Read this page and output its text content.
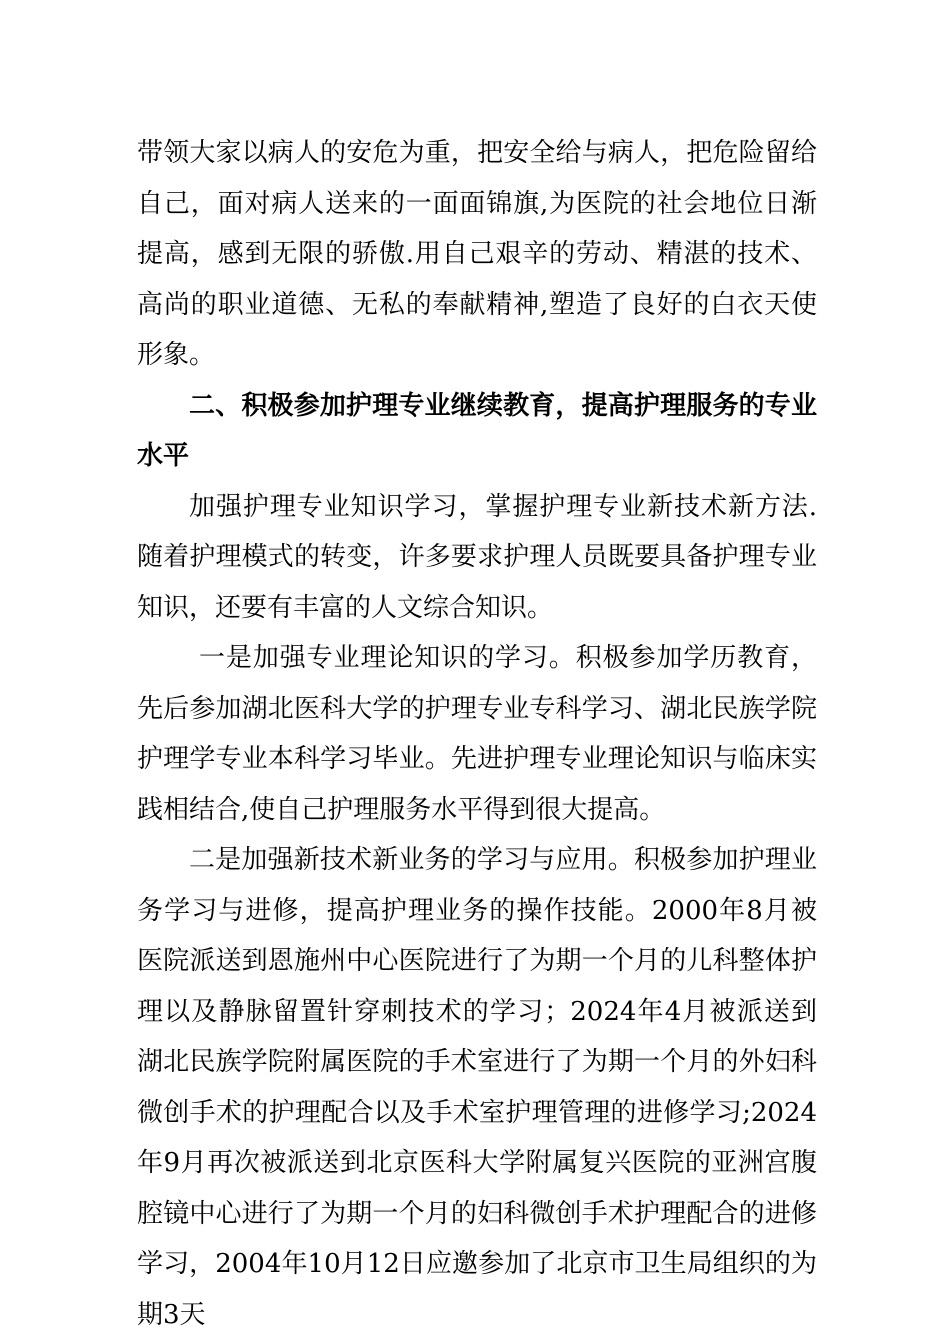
带领大家以病人的安危为重，把安全给与病人，把危险留给自己，面对病人送来的一面面锦旗,为医院的社会地位日渐提高，感到无限的骄傲.用自己艰辛的劳动、精湛的技术、高尚的职业道德、无私的奉献精神,塑造了良好的白衣天使形象。

二、积极参加护理专业继续教育，提高护理服务的专业水平

加强护理专业知识学习，掌握护理专业新技术新方法.随着护理模式的转变，许多要求护理人员既要具备护理专业知识，还要有丰富的人文综合知识。

一是加强专业理论知识的学习。积极参加学历教育，先后参加湖北医科大学的护理专业专科学习、湖北民族学院护理学专业本科学习毕业。先进护理专业理论知识与临床实践相结合,使自己护理服务水平得到很大提高。

二是加强新技术新业务的学习与应用。积极参加护理业务学习与进修，提高护理业务的操作技能。2000年8月被医院派送到恩施州中心医院进行了为期一个月的儿科整体护理以及静脉留置针穿刺技术的学习；2024年4月被派送到湖北民族学院附属医院的手术室进行了为期一个月的外妇科微创手术的护理配合以及手术室护理管理的进修学习;2024年9月再次被派送到北京医科大学附属复兴医院的亚洲宫腹腔镜中心进行了为期一个月的妇科微创手术护理配合的进修学习，2004年10月12日应邀参加了北京市卫生局组织的为期3天
